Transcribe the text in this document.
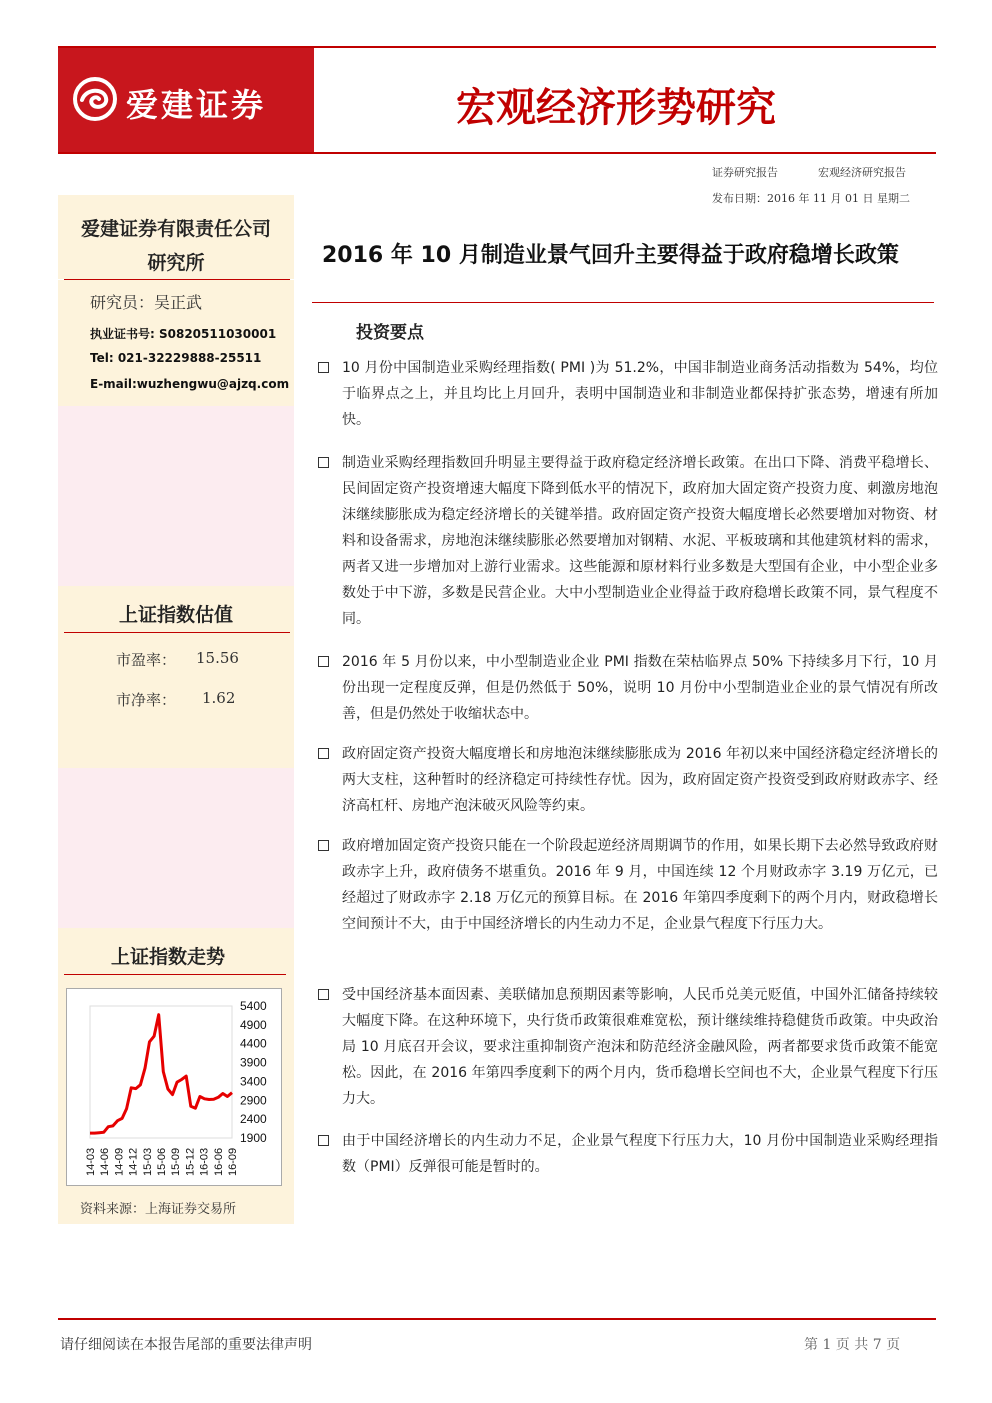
爱建证券	宏观经济形势研究
证券研究报告	宏观经济研究报告
发布日期：2016 年 11 月 01 日 星期二
爱建证券有限责任公司
研究所
研究员：吴正武
执业证书号: S0820511030001
Tel: 021-32229888-25511
E-mail:wuzhengwu@ajzq.com
上证指数估值
市盈率： 15.56
市净率： 1.62
上证指数走势
5400
4900
4400
3900
3400
2900
2400
1900
14-03 14-06 14-09 14-12 15-03 15-06 15-09 15-12 16-03 16-06 16-09
资料来源：上海证券交易所
2016 年 10 月制造业景气回升主要得益于政府稳增长政策
投资要点
10 月份中国制造业采购经理指数( PMI )为 51.2%，中国非制造业商务活动指数为 54%，均位于临界点之上，并且均比上月回升，表明中国制造业和非制造业都保持扩张态势，增速有所加快。
制造业采购经理指数回升明显主要得益于政府稳定经济增长政策。在出口下降、消费平稳增长、民间固定资产投资增速大幅度下降到低水平的情况下，政府加大固定资产投资力度、刺激房地泡沫继续膨胀成为稳定经济增长的关键举措。政府固定资产投资大幅度增长必然要增加对物资、材料和设备需求，房地泡沫继续膨胀必然要增加对钢精、水泥、平板玻璃和其他建筑材料的需求，两者又进一步增加对上游行业需求。这些能源和原材料行业多数是大型国有企业，中小型企业多数处于中下游，多数是民营企业。大中小型制造业企业得益于政府稳增长政策不同，景气程度不同。
2016 年 5 月份以来，中小型制造业企业 PMI 指数在荣枯临界点 50% 下持续多月下行，10 月份出现一定程度反弹，但是仍然低于 50%，说明 10 月份中小型制造业企业的景气情况有所改善，但是仍然处于收缩状态中。
政府固定资产投资大幅度增长和房地泡沫继续膨胀成为 2016 年初以来中国经济稳定经济增长的两大支柱，这种暂时的经济稳定可持续性存忧。因为，政府固定资产投资受到政府财政赤字、经济高杠杆、房地产泡沫破灭风险等约束。
政府增加固定资产投资只能在一个阶段起逆经济周期调节的作用，如果长期下去必然导致政府财政赤字上升，政府债务不堪重负。2016 年 9 月，中国连续 12 个月财政赤字 3.19 万亿元，已经超过了财政赤字 2.18 万亿元的预算目标。在 2016 年第四季度剩下的两个月内，财政稳增长空间预计不大，由于中国经济增长的内生动力不足，企业景气程度下行压力大。
受中国经济基本面因素、美联储加息预期因素等影响，人民币兑美元贬值，中国外汇储备持续较大幅度下降。在这种环境下，央行货币政策很难难宽松，预计继续维持稳健货币政策。中央政治局 10 月底召开会议，要求注重抑制资产泡沫和防范经济金融风险，两者都要求货币政策不能宽松。因此，在 2016 年第四季度剩下的两个月内，货币稳增长空间也不大，企业景气程度下行压力大。
由于中国经济增长的内生动力不足，企业景气程度下行压力大，10 月份中国制造业采购经理指数（PMI）反弹很可能是暂时的。
请仔细阅读在本报告尾部的重要法律声明	第 1 页 共 7 页
